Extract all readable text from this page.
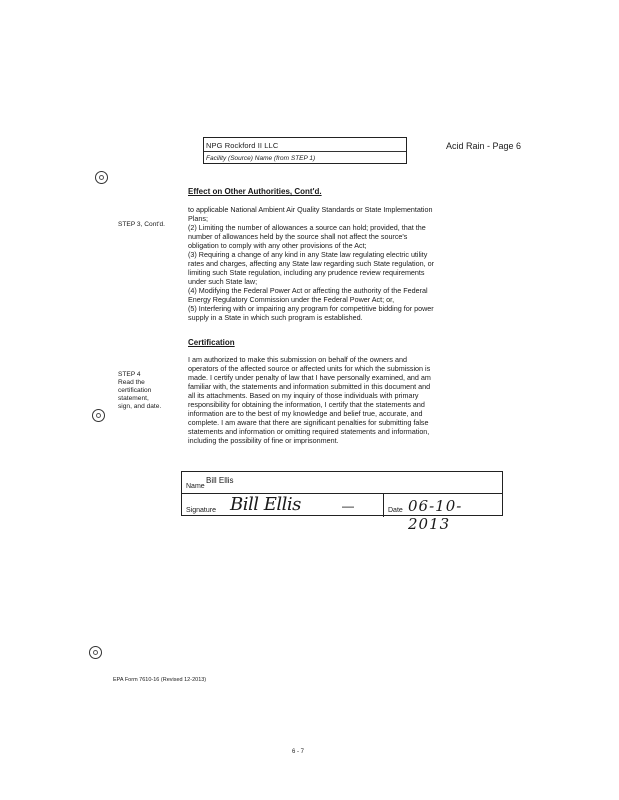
NPG Rockford II LLC
Facility (Source) Name (from STEP 1)
Acid Rain - Page 6
Effect on Other Authorities, Cont'd.
STEP 3, Cont'd.
to applicable National Ambient Air Quality Standards or State Implementation
Plans;
(2) Limiting the number of allowances a source can hold; provided, that the
number of allowances held by the source shall not affect the source's
obligation to comply with any other provisions of the Act;
(3) Requiring a change of any kind in any State law regulating electric utility
rates and charges, affecting any State law regarding such State regulation, or
limiting such State regulation, including any prudence review requirements
under such State law;
(4) Modifying the Federal Power Act or affecting the authority of the Federal
Energy Regulatory Commission under the Federal Power Act; or,
(5) Interfering with or impairing any program for competitive bidding for power
supply in a State in which such program is established.
Certification
STEP 4
Read the
certification
statement,
sign, and date.
I am authorized to make this submission on behalf of the owners and
operators of the affected source or affected units for which the submission is
made. I certify under penalty of law that I have personally examined, and am
familiar with, the statements and information submitted in this document and
all its attachments. Based on my inquiry of those individuals with primary
responsibility for obtaining the information, I certify that the statements and
information are to the best of my knowledge and belief true, accurate, and
complete. I am aware that there are significant penalties for submitting false
statements and information or omitting required statements and information,
including the possibility of fine or imprisonment.
Name
Bill Ellis
Signature Bill Ellis	—	Date 06-10-2013
EPA Form 7610-16 (Revised 12-2013)
6 - 7
